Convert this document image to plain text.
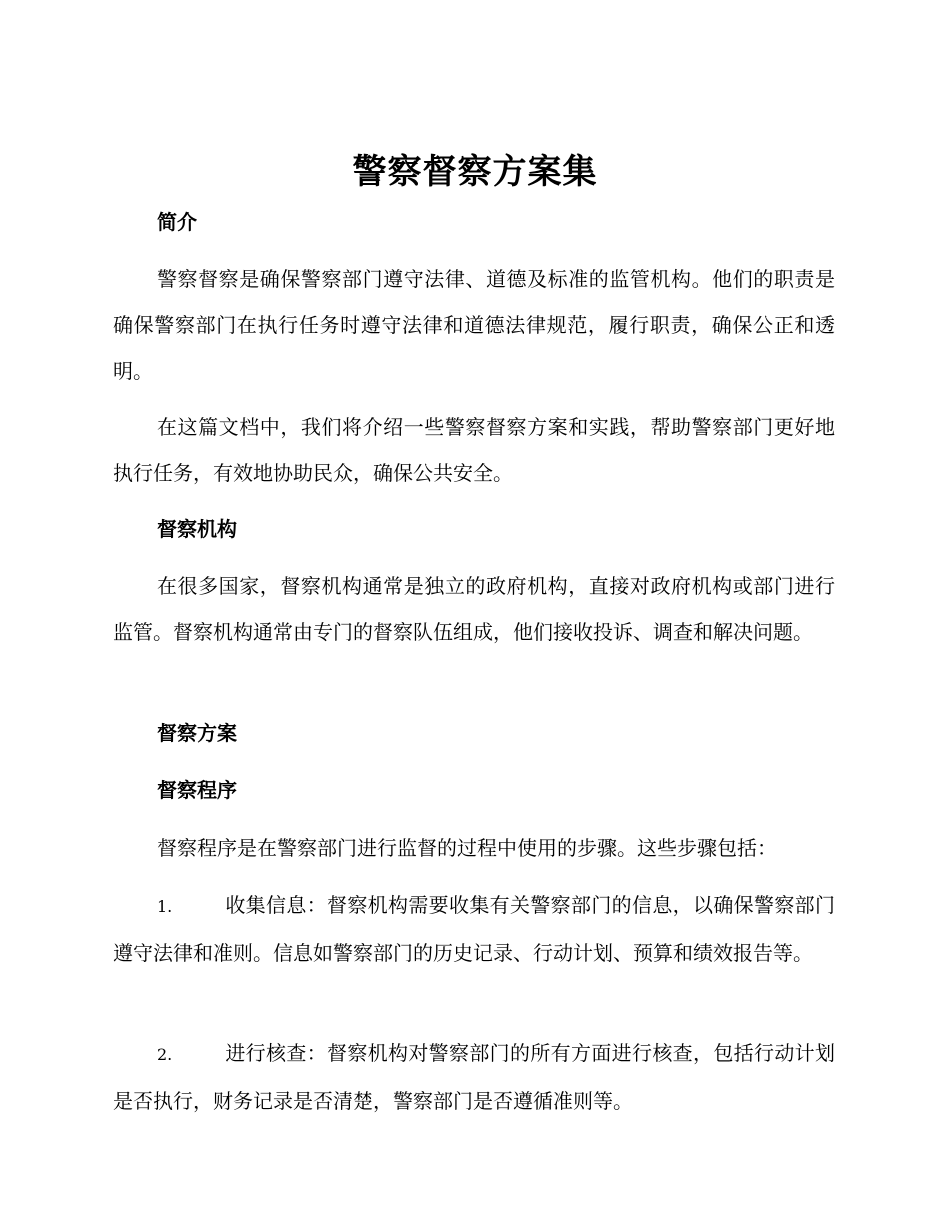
警察督察方案集
简介

警察督察是确保警察部门遵守法律、道德及标准的监管机构。他们的职责是确保警察部门在执行任务时遵守法律和道德法律规范，履行职责，确保公正和透明。

在这篇文档中，我们将介绍一些警察督察方案和实践，帮助警察部门更好地执行任务，有效地协助民众，确保公共安全。

督察机构

在很多国家，督察机构通常是独立的政府机构，直接对政府机构或部门进行监管。督察机构通常由专门的督察队伍组成，他们接收投诉、调查和解决问题。

督察方案
督察程序

督察程序是在警察部门进行监督的过程中使用的步骤。这些步骤包括：

1.	收集信息：督察机构需要收集有关警察部门的信息，以确保警察部门遵守法律和准则。信息如警察部门的历史记录、行动计划、预算和绩效报告等。

2.	进行核查：督察机构对警察部门的所有方面进行核查，包括行动计划是否执行，财务记录是否清楚，警察部门是否遵循准则等。
